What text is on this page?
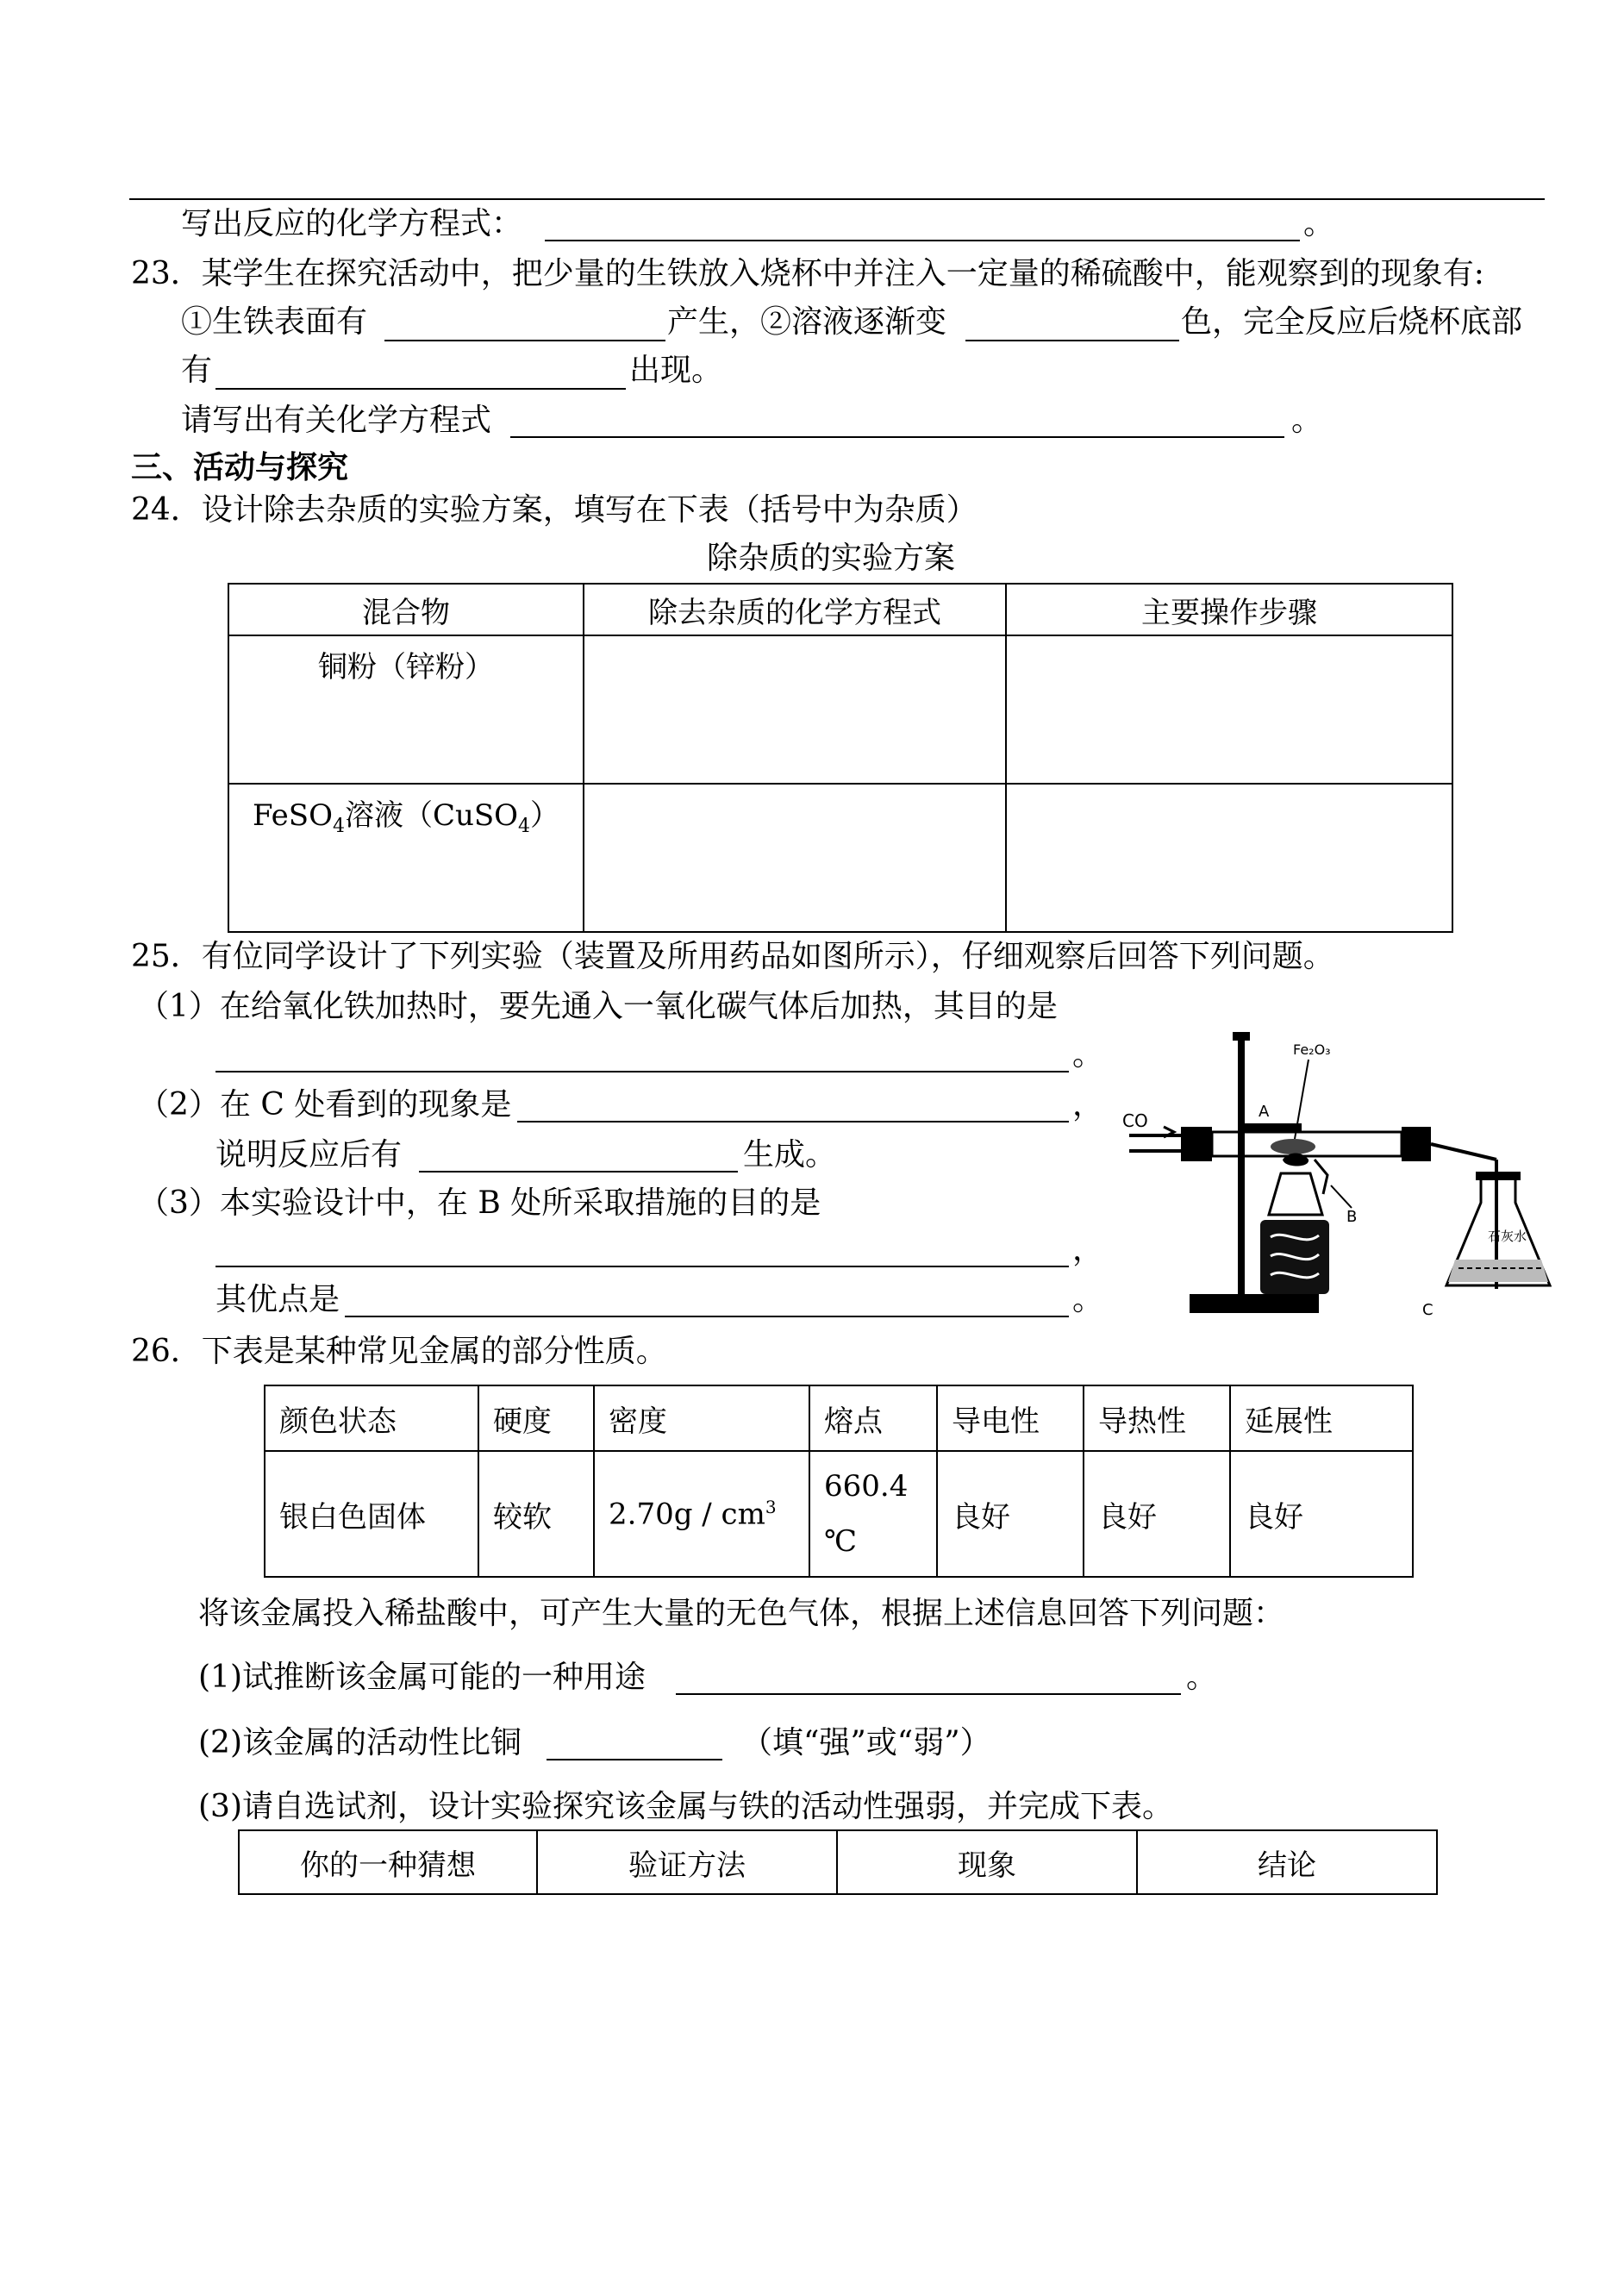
写出反应的化学方程式：	。
23．某学生在探究活动中，把少量的生铁放入烧杯中并注入一定量的稀硫酸中，能观察到的现象有:
①生铁表面有	产生，②溶液逐渐变	色，完全反应后烧杯底部
有	出现。
请写出有关化学方程式	。
三、活动与探究
24．设计除去杂质的实验方案，填写在下表（括号中为杂质）
除杂质的实验方案
混合物	除去杂质的化学方程式	主要操作步骤
铜粉（锌粉）		
FeSO$_4$溶液（CuSO$_4$）		
25．有位同学设计了下列实验（装置及所用药品如图所示），仔细观察后回答下列问题。
（1）在给氧化铁加热时，要先通入一氧化碳气体后加热，其目的是
。
（2）在 C 处看到的现象是	，
说明反应后有	生成。
（3）本实验设计中，在 B 处所采取措施的目的是
，
其优点是	。
CO
Fe₂O₃
A
B
C
石灰水
26．下表是某种常见金属的部分性质。
颜色状态	硬度	密度	熔点	导电性	导热性	延展性
银白色固体	较软	$2.70g / cm^3$	660.4
℃	良好	良好	良好
将该金属投入稀盐酸中，可产生大量的无色气体，根据上述信息回答下列问题：
(1)试推断该金属可能的一种用途	。
(2)该金属的活动性比铜	（填“强”或“弱”）
(3)请自选试剂，设计实验探究该金属与铁的活动性强弱，并完成下表。
你的一种猜想	验证方法	现象	结论
